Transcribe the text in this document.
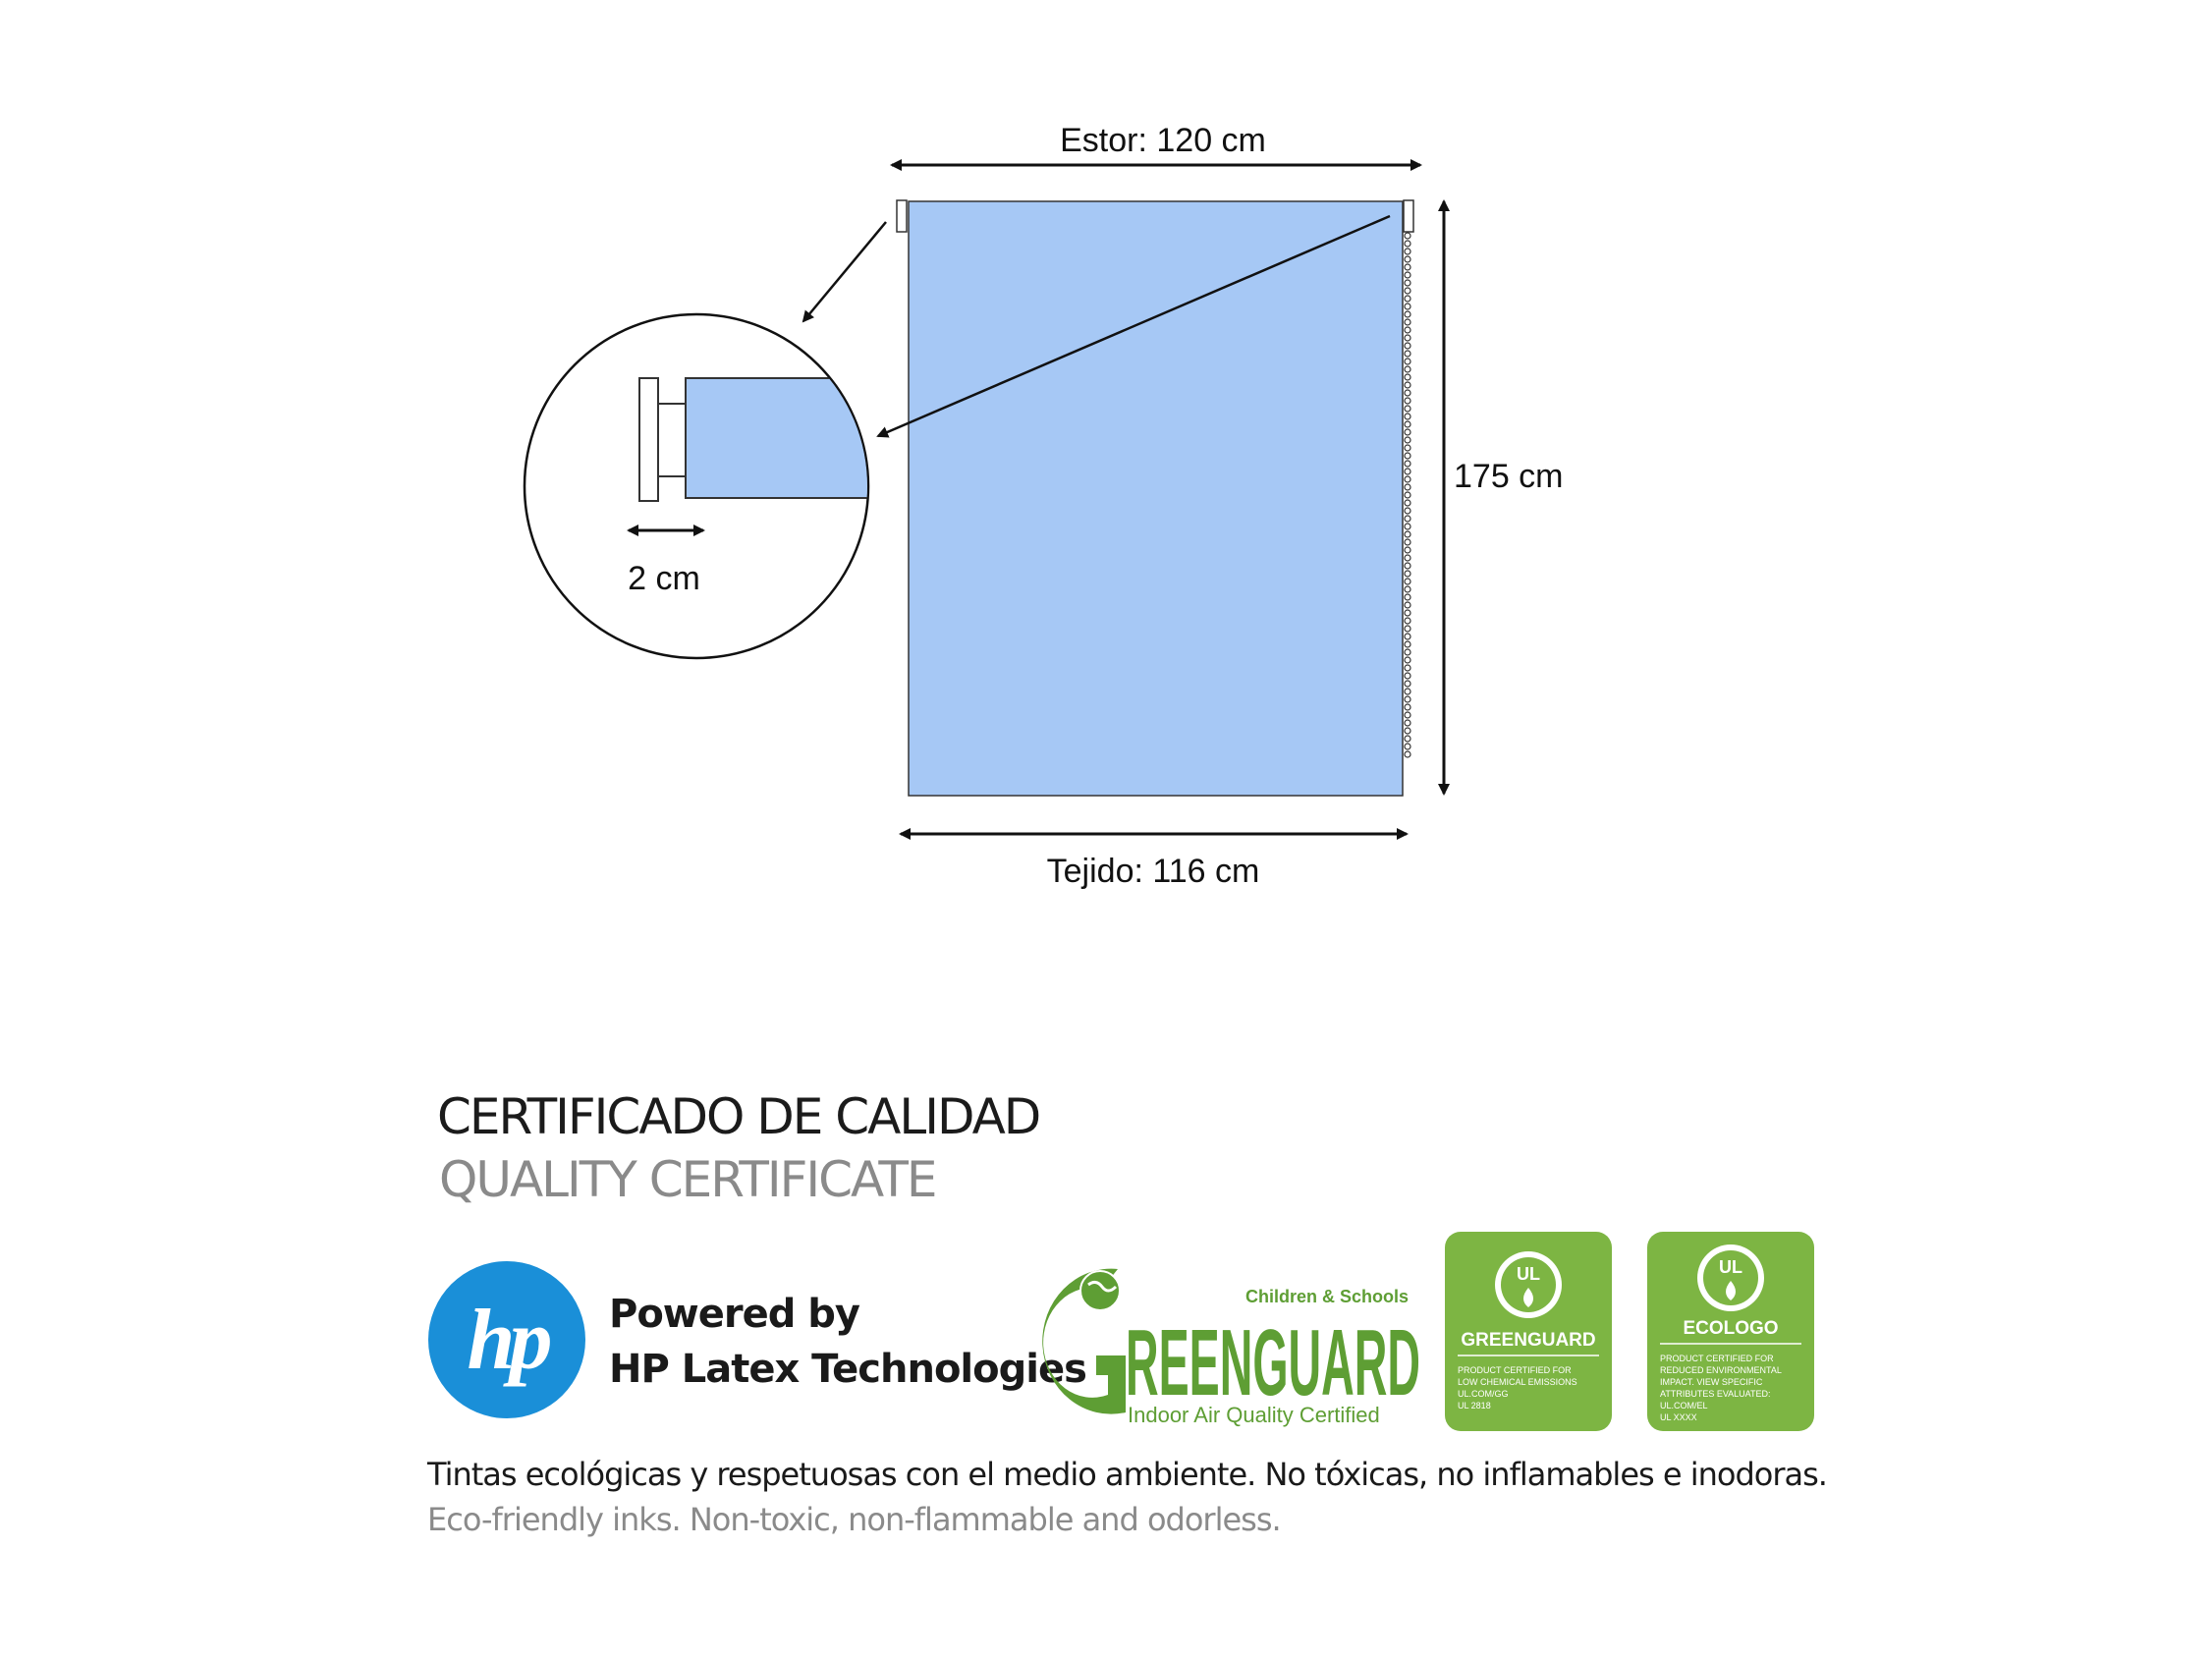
Estor: 120 cm
175 cm
Tejido: 116 cm
2 cm
CERTIFICADO DE CALIDAD
QUALITY CERTIFICATE
hp Powered by
HP Latex Technologies REENGUARD
Children & Schools
Indoor Air Quality Certified
UL
GREENGUARD
PRODUCT CERTIFIED FOR
LOW CHEMICAL EMISSIONS
UL.COM/GG
UL 2818
UL
ECOLOGO
PRODUCT CERTIFIED FOR
REDUCED ENVIRONMENTAL
IMPACT. VIEW SPECIFIC
ATTRIBUTES EVALUATED:
UL.COM/EL
UL XXXX
Tintas ecológicas y respetuosas con el medio ambiente. No tóxicas, no inflamables e inodoras.
Eco-friendly inks. Non-toxic, non-flammable and odorless.
